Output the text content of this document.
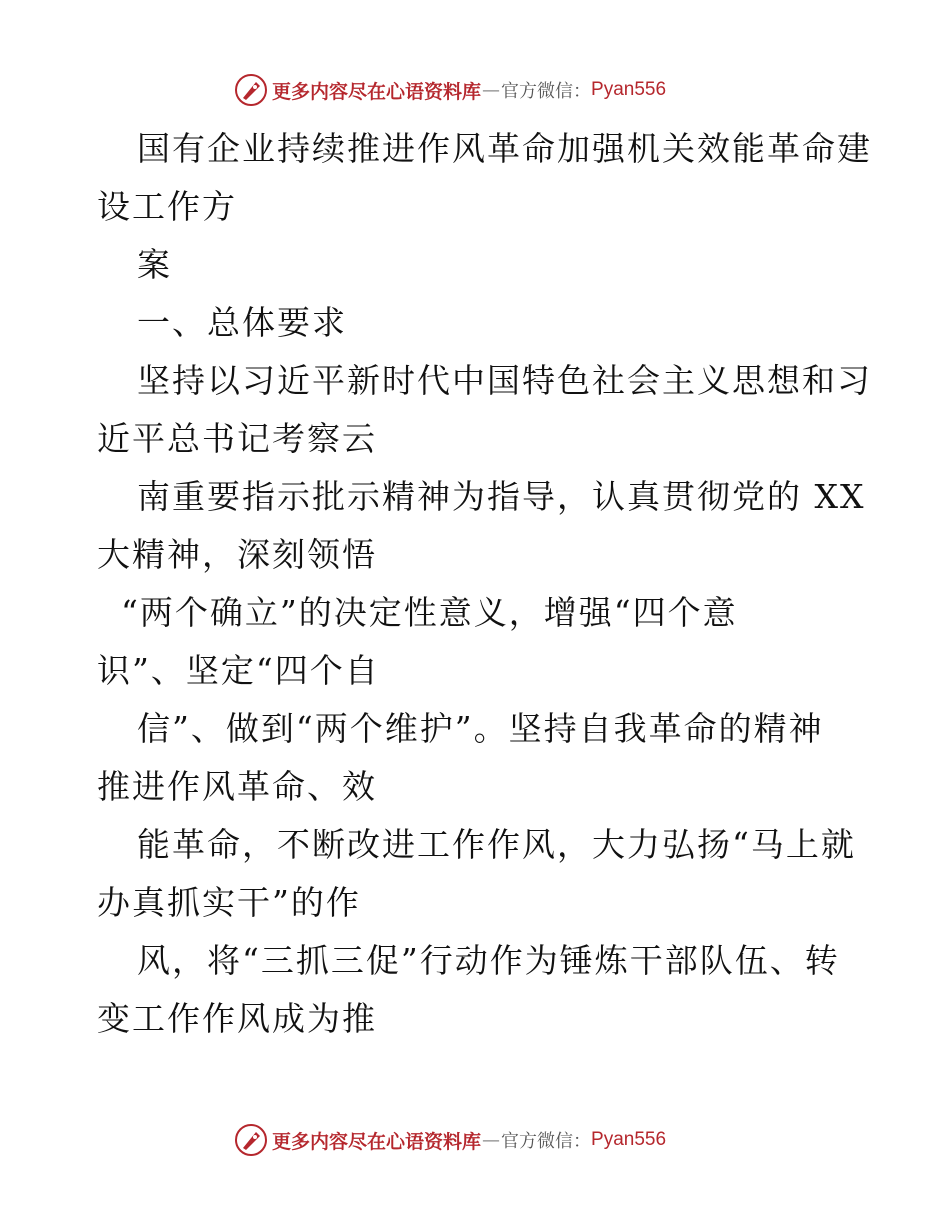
更多内容尽在心语资料库 — 官方微信： Pyan556
国有企业持续推进作风革命加强机关效能革命建
设工作方
案
一、总体要求
坚持以习近平新时代中国特色社会主义思想和习
近平总书记考察云
南重要指示批示精神为指导，认真贯彻党的 XX
大精神，深刻领悟
“两个确立”的决定性意义，增强“四个意
识”、坚定“四个自
信”、做到“两个维护”。坚持自我革命的精神
推进作风革命、效
能革命，不断改进工作作风，大力弘扬“马上就
办真抓实干”的作
风，将“三抓三促”行动作为锤炼干部队伍、转
变工作作风成为推
更多内容尽在心语资料库 — 官方微信： Pyan556
